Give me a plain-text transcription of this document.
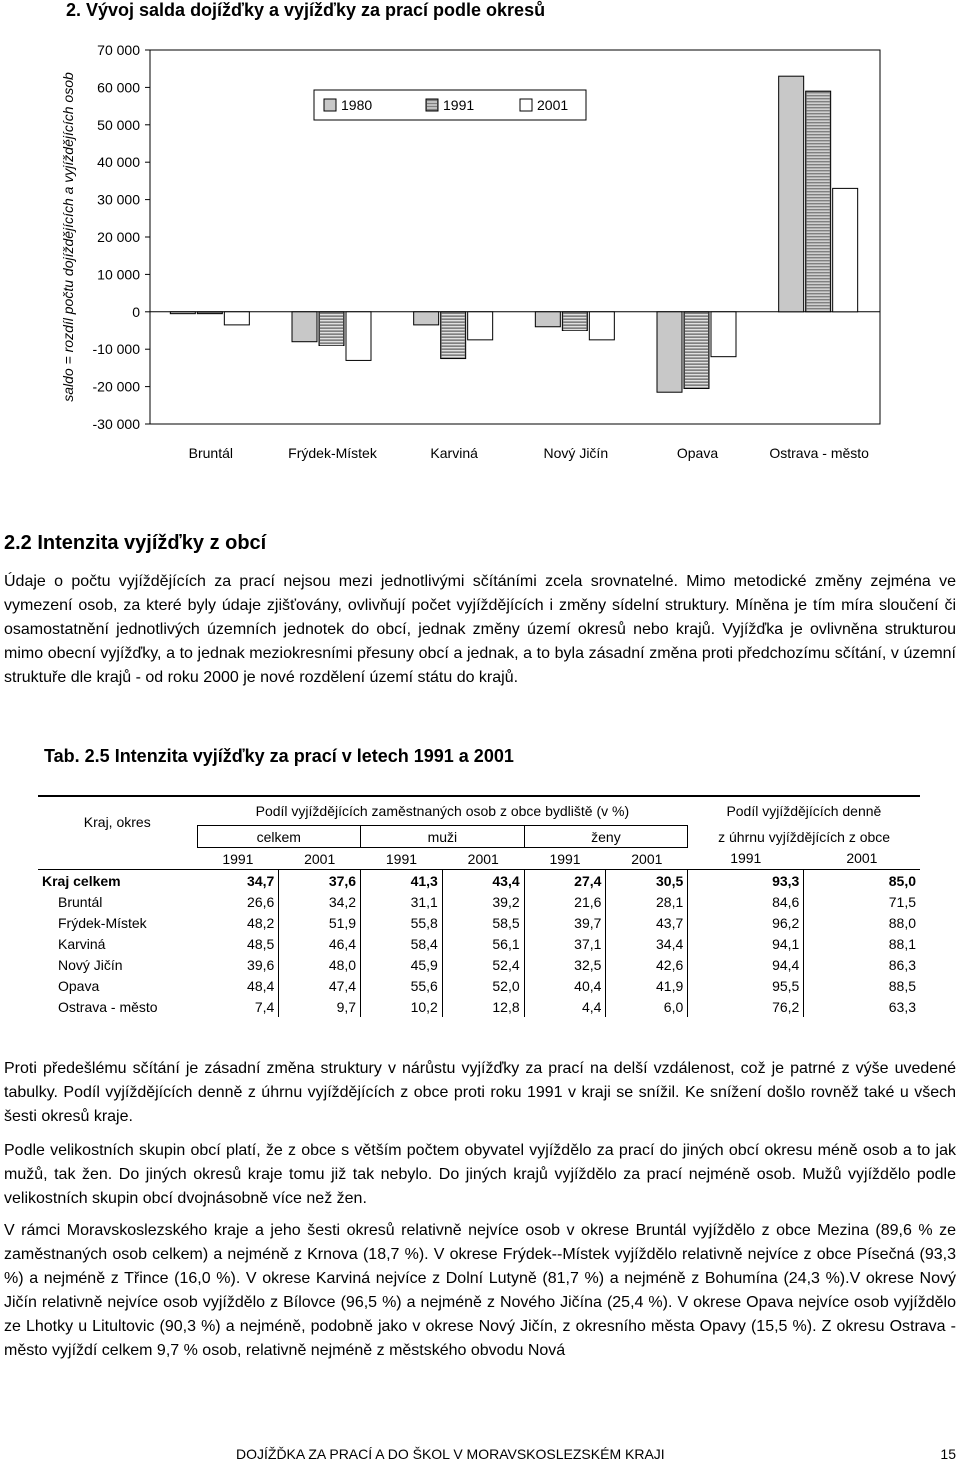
2. Vývoj salda dojížďky a vyjížďky za prací podle okresů
70 000
60 000
50 000
40 000
30 000
20 000
10 000
0
-10 000
-20 000
-30 000
saldo = rozdíl počtu dojíždějících a vyjíždějících osob
Bruntál	Frýdek-Místek	Karviná	Nový Jičín	Opava	Ostrava - město
1980	1991	2001
2.2 Intenzita vyjížďky z obcí

Údaje o počtu vyjíždějících za prací nejsou mezi jednotlivými sčítáními zcela srovnatelné. Mimo metodické změny zejména ve vymezení osob, za které byly údaje zjišťovány, ovlivňují počet vyjíždějících i změny sídelní struktury. Míněna je tím míra sloučení či osamostatnění jednotlivých územních jednotek do obcí, jednak změny území okresů nebo krajů. Vyjížďka je ovlivněna strukturou mimo obecní vyjížďky, a to jednak meziokresními přesuny obcí a jednak, a to byla zásadní změna proti předchozímu sčítání, v územní struktuře dle krajů - od roku 2000 je nové rozdělení území státu do krajů.

Tab. 2.5 Intenzita vyjížďky za prací v letech 1991 a 2001
Kraj, okres	Podíl vyjíždějících zaměstnaných osob z obce bydliště (v %)						Podíl vyjíždějících denně	
	celkem		muži		ženy		z úhrnu vyjíždějících z obce	
	1991	2001	1991	2001	1991	2001	1991	2001
Kraj celkem	34,7	37,6	41,3	43,4	27,4	30,5	93,3	85,0
Bruntál	26,6	34,2	31,1	39,2	21,6	28,1	84,6	71,5
Frýdek-Místek	48,2	51,9	55,8	58,5	39,7	43,7	96,2	88,0
Karviná	48,5	46,4	58,4	56,1	37,1	34,4	94,1	88,1
Nový Jičín	39,6	48,0	45,9	52,4	32,5	42,6	94,4	86,3
Opava	48,4	47,4	55,6	52,0	40,4	41,9	95,5	88,5
Ostrava - město	7,4	9,7	10,2	12,8	4,4	6,0	76,2	63,3

Proti předešlému sčítání je zásadní změna struktury v nárůstu vyjížďky za prací na delší vzdálenost, což je patrné z výše uvedené tabulky. Podíl vyjíždějících denně z úhrnu vyjíždějících z obce proti roku 1991 v kraji se snížil. Ke snížení došlo rovněž také u všech šesti okresů kraje.

Podle velikostních skupin obcí platí, že z obce s větším počtem obyvatel vyjíždělo za prací do jiných obcí okresu méně osob a to jak mužů, tak žen. Do jiných okresů kraje tomu již tak nebylo. Do jiných krajů vyjíždělo za prací nejméně osob. Mužů vyjíždělo podle velikostních skupin obcí dvojnásobně více než žen.

V rámci Moravskoslezského kraje a jeho šesti okresů relativně nejvíce osob v okrese Bruntál vyjíždělo z obce Mezina (89,6 % ze zaměstnaných osob celkem) a nejméně z Krnova (18,7 %). V okrese Frýdek--Místek vyjíždělo relativně nejvíce z obce Písečná (93,3 %) a nejméně z Třince (16,0 %). V okrese Karviná nejvíce z Dolní Lutyně (81,7 %) a nejméně z Bohumína (24,3 %).V okrese Nový Jičín relativně nejvíce osob vyjíždělo z Bílovce (96,5 %) a nejméně z Nového Jičína (25,4 %). V okrese Opava nejvíce osob vyjíždělo ze Lhotky u Litultovic (90,3 %) a nejméně, podobně jako v okrese Nový Jičín, z okresního města Opavy (15,5 %). Z okresu Ostrava - město vyjíždí celkem 9,7 % osob, relativně nejméně z městského obvodu Nová

DOJÍŽĎKA ZA PRACÍ A DO ŠKOL V MORAVSKOSLEZSKÉM KRAJI	15
